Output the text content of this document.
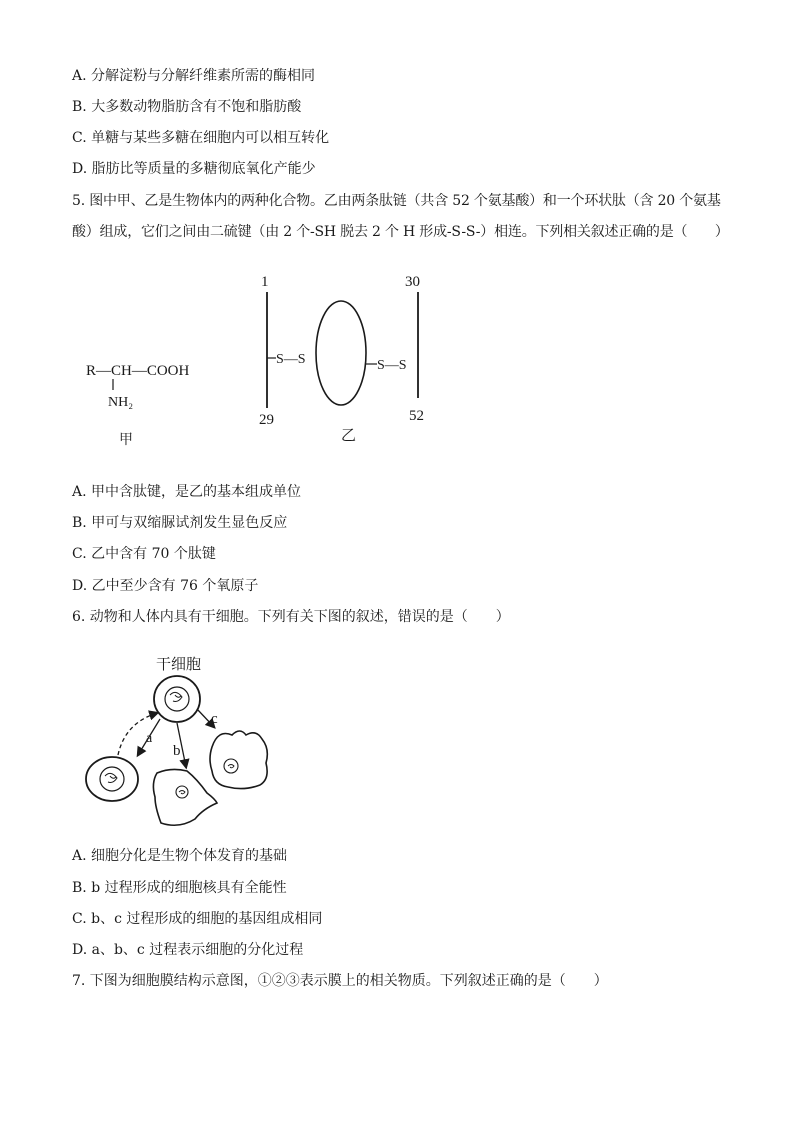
A. 分解淀粉与分解纤维素所需的酶相同
B. 大多数动物脂肪含有不饱和脂肪酸
C. 单糖与某些多糖在细胞内可以相互转化
D. 脂肪比等质量的多糖彻底氧化产能少
5. 图中甲、乙是生物体内的两种化合物。乙由两条肽链（共含 52 个氨基酸）和一个环状肽（含 20 个氨基
酸）组成，它们之间由二硫键（由 2 个-SH 脱去 2 个 H 形成-S-S-）相连。下列相关叙述正确的是（　　）
R—CH—COOH
NH₂
甲
1
29
S—S	S—S
30
52
乙
A. 甲中含肽键，是乙的基本组成单位
B. 甲可与双缩脲试剂发生显色反应
C. 乙中含有 70 个肽键
D. 乙中至少含有 76 个氧原子
6. 动物和人体内具有干细胞。下列有关下图的叙述，错误的是（　　）
干细胞
a
b
c
A. 细胞分化是生物个体发育的基础
B. b 过程形成的细胞核具有全能性
C. b、c 过程形成的细胞的基因组成相同
D. a、b、c 过程表示细胞的分化过程
7. 下图为细胞膜结构示意图，①②③表示膜上的相关物质。下列叙述正确的是（　　）
